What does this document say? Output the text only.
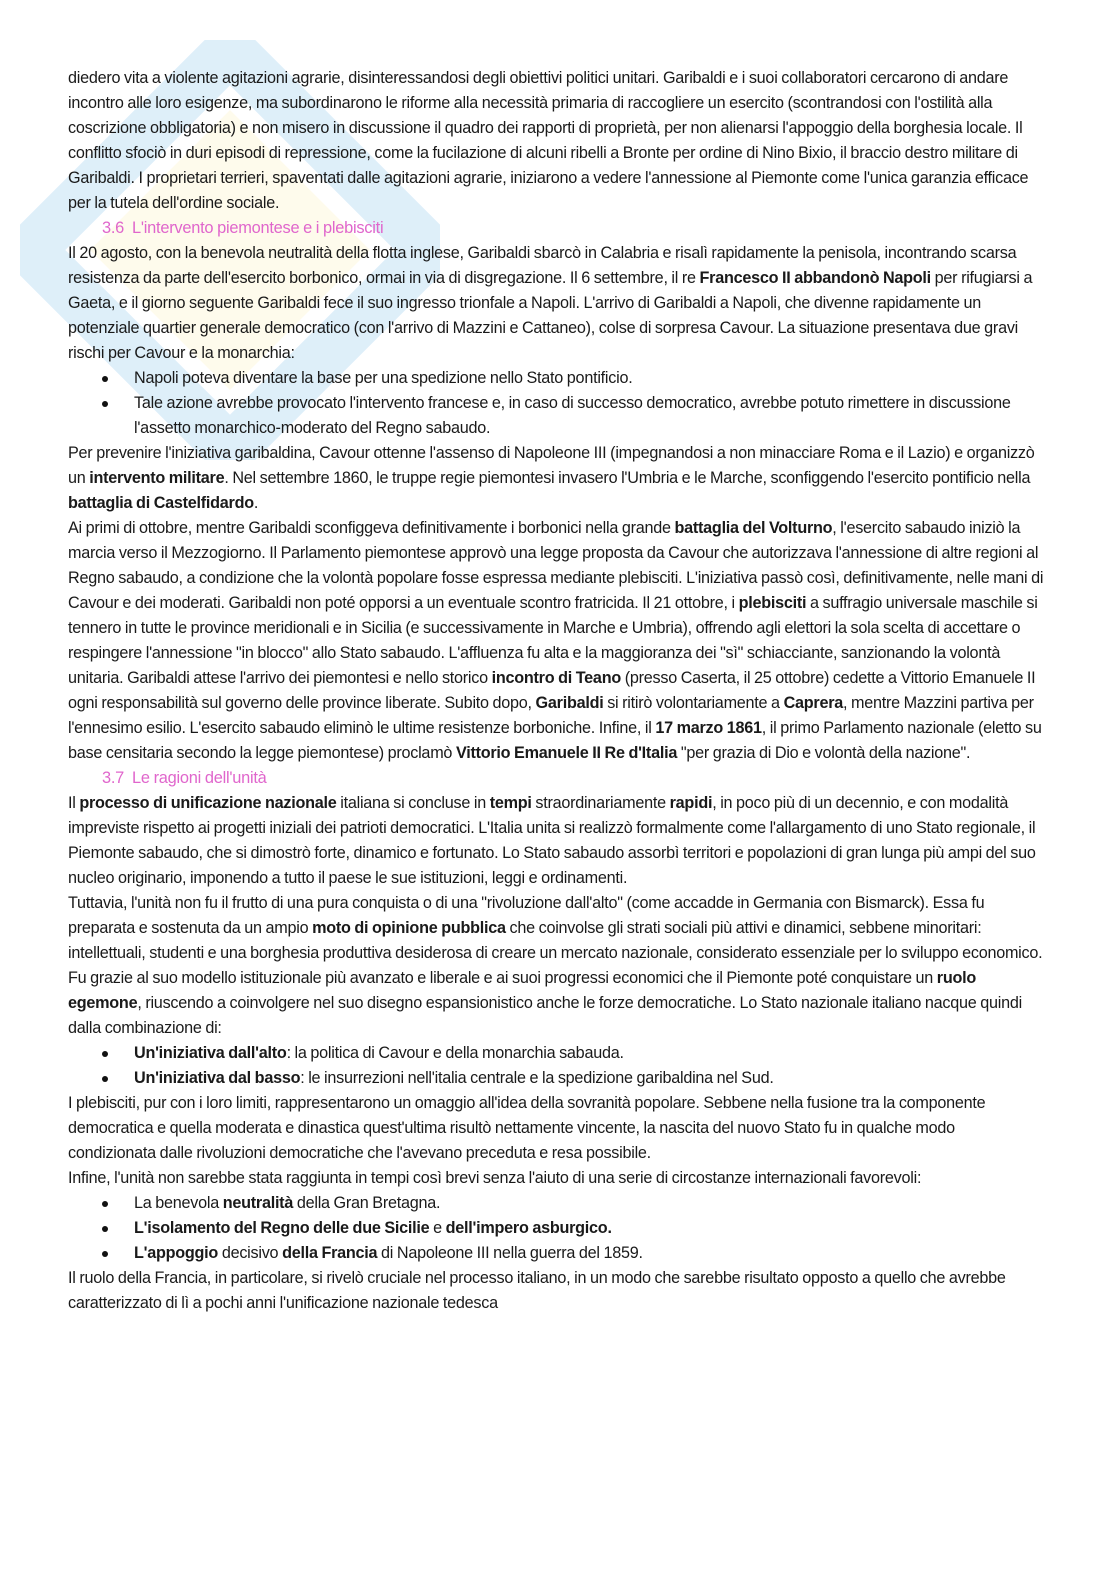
diedero vita a violente agitazioni agrarie, disinteressandosi degli obiettivi politici unitari. Garibaldi e i suoi collaboratori cercarono di andare incontro alle loro esigenze, ma subordinarono le riforme alla necessità primaria di raccogliere un esercito (scontrandosi con l'ostilità alla coscrizione obbligatoria) e non misero in discussione il quadro dei rapporti di proprietà, per non alienarsi l'appoggio della borghesia locale. Il conflitto sfociò in duri episodi di repressione, come la fucilazione di alcuni ribelli a Bronte per ordine di Nino Bixio, il braccio destro militare di Garibaldi. I proprietari terrieri, spaventati dalle agitazioni agrarie, iniziarono a vedere l'annessione al Piemonte come l'unica garanzia efficace per la tutela dell'ordine sociale.

3.6 L'intervento piemontese e i plebisciti

Il 20 agosto, con la benevola neutralità della flotta inglese, Garibaldi sbarcò in Calabria e risalì rapidamente la penisola, incontrando scarsa resistenza da parte dell'esercito borbonico, ormai in via di disgregazione. Il 6 settembre, il re Francesco II abbandonò Napoli per rifugiarsi a Gaeta, e il giorno seguente Garibaldi fece il suo ingresso trionfale a Napoli. L'arrivo di Garibaldi a Napoli, che divenne rapidamente un potenziale quartier generale democratico (con l'arrivo di Mazzini e Cattaneo), colse di sorpresa Cavour. La situazione presentava due gravi rischi per Cavour e la monarchia:

Napoli poteva diventare la base per una spedizione nello Stato pontificio.
Tale azione avrebbe provocato l'intervento francese e, in caso di successo democratico, avrebbe potuto rimettere in discussione l'assetto monarchico-moderato del Regno sabaudo.

Per prevenire l'iniziativa garibaldina, Cavour ottenne l'assenso di Napoleone III (impegnandosi a non minacciare Roma e il Lazio) e organizzò un intervento militare. Nel settembre 1860, le truppe regie piemontesi invasero l'Umbria e le Marche, sconfiggendo l'esercito pontificio nella battaglia di Castelfidardo.

Ai primi di ottobre, mentre Garibaldi sconfiggeva definitivamente i borbonici nella grande battaglia del Volturno, l'esercito sabaudo iniziò la marcia verso il Mezzogiorno. Il Parlamento piemontese approvò una legge proposta da Cavour che autorizzava l'annessione di altre regioni al Regno sabaudo, a condizione che la volontà popolare fosse espressa mediante plebisciti. L'iniziativa passò così, definitivamente, nelle mani di Cavour e dei moderati. Garibaldi non poté opporsi a un eventuale scontro fratricida. Il 21 ottobre, i plebisciti a suffragio universale maschile si tennero in tutte le province meridionali e in Sicilia (e successivamente in Marche e Umbria), offrendo agli elettori la sola scelta di accettare o respingere l'annessione "in blocco" allo Stato sabaudo. L'affluenza fu alta e la maggioranza dei "sì" schiacciante, sanzionando la volontà unitaria. Garibaldi attese l'arrivo dei piemontesi e nello storico incontro di Teano (presso Caserta, il 25 ottobre) cedette a Vittorio Emanuele II ogni responsabilità sul governo delle province liberate. Subito dopo, Garibaldi si ritirò volontariamente a Caprera, mentre Mazzini partiva per l'ennesimo esilio. L'esercito sabaudo eliminò le ultime resistenze borboniche. Infine, il 17 marzo 1861, il primo Parlamento nazionale (eletto su base censitaria secondo la legge piemontese) proclamò Vittorio Emanuele II Re d'Italia "per grazia di Dio e volontà della nazione".

3.7 Le ragioni dell'unità

Il processo di unificazione nazionale italiana si concluse in tempi straordinariamente rapidi, in poco più di un decennio, e con modalità impreviste rispetto ai progetti iniziali dei patrioti democratici. L'Italia unita si realizzò formalmente come l'allargamento di uno Stato regionale, il Piemonte sabaudo, che si dimostrò forte, dinamico e fortunato. Lo Stato sabaudo assorbì territori e popolazioni di gran lunga più ampi del suo nucleo originario, imponendo a tutto il paese le sue istituzioni, leggi e ordinamenti.

Tuttavia, l'unità non fu il frutto di una pura conquista o di una "rivoluzione dall'alto" (come accadde in Germania con Bismarck). Essa fu preparata e sostenuta da un ampio moto di opinione pubblica che coinvolse gli strati sociali più attivi e dinamici, sebbene minoritari: intellettuali, studenti e una borghesia produttiva desiderosa di creare un mercato nazionale, considerato essenziale per lo sviluppo economico. Fu grazie al suo modello istituzionale più avanzato e liberale e ai suoi progressi economici che il Piemonte poté conquistare un ruolo egemone, riuscendo a coinvolgere nel suo disegno espansionistico anche le forze democratiche. Lo Stato nazionale italiano nacque quindi dalla combinazione di:

Un'iniziativa dall'alto: la politica di Cavour e della monarchia sabauda.
Un'iniziativa dal basso: le insurrezioni nell'italia centrale e la spedizione garibaldina nel Sud.

I plebisciti, pur con i loro limiti, rappresentarono un omaggio all'idea della sovranità popolare. Sebbene nella fusione tra la componente democratica e quella moderata e dinastica quest'ultima risultò nettamente vincente, la nascita del nuovo Stato fu in qualche modo condizionata dalle rivoluzioni democratiche che l'avevano preceduta e resa possibile.

Infine, l'unità non sarebbe stata raggiunta in tempi così brevi senza l'aiuto di una serie di circostanze internazionali favorevoli:

La benevola neutralità della Gran Bretagna.
L'isolamento del Regno delle due Sicilie e dell'impero asburgico.
L'appoggio decisivo della Francia di Napoleone III nella guerra del 1859.

Il ruolo della Francia, in particolare, si rivelò cruciale nel processo italiano, in un modo che sarebbe risultato opposto a quello che avrebbe caratterizzato di lì a pochi anni l'unificazione nazionale tedesca
